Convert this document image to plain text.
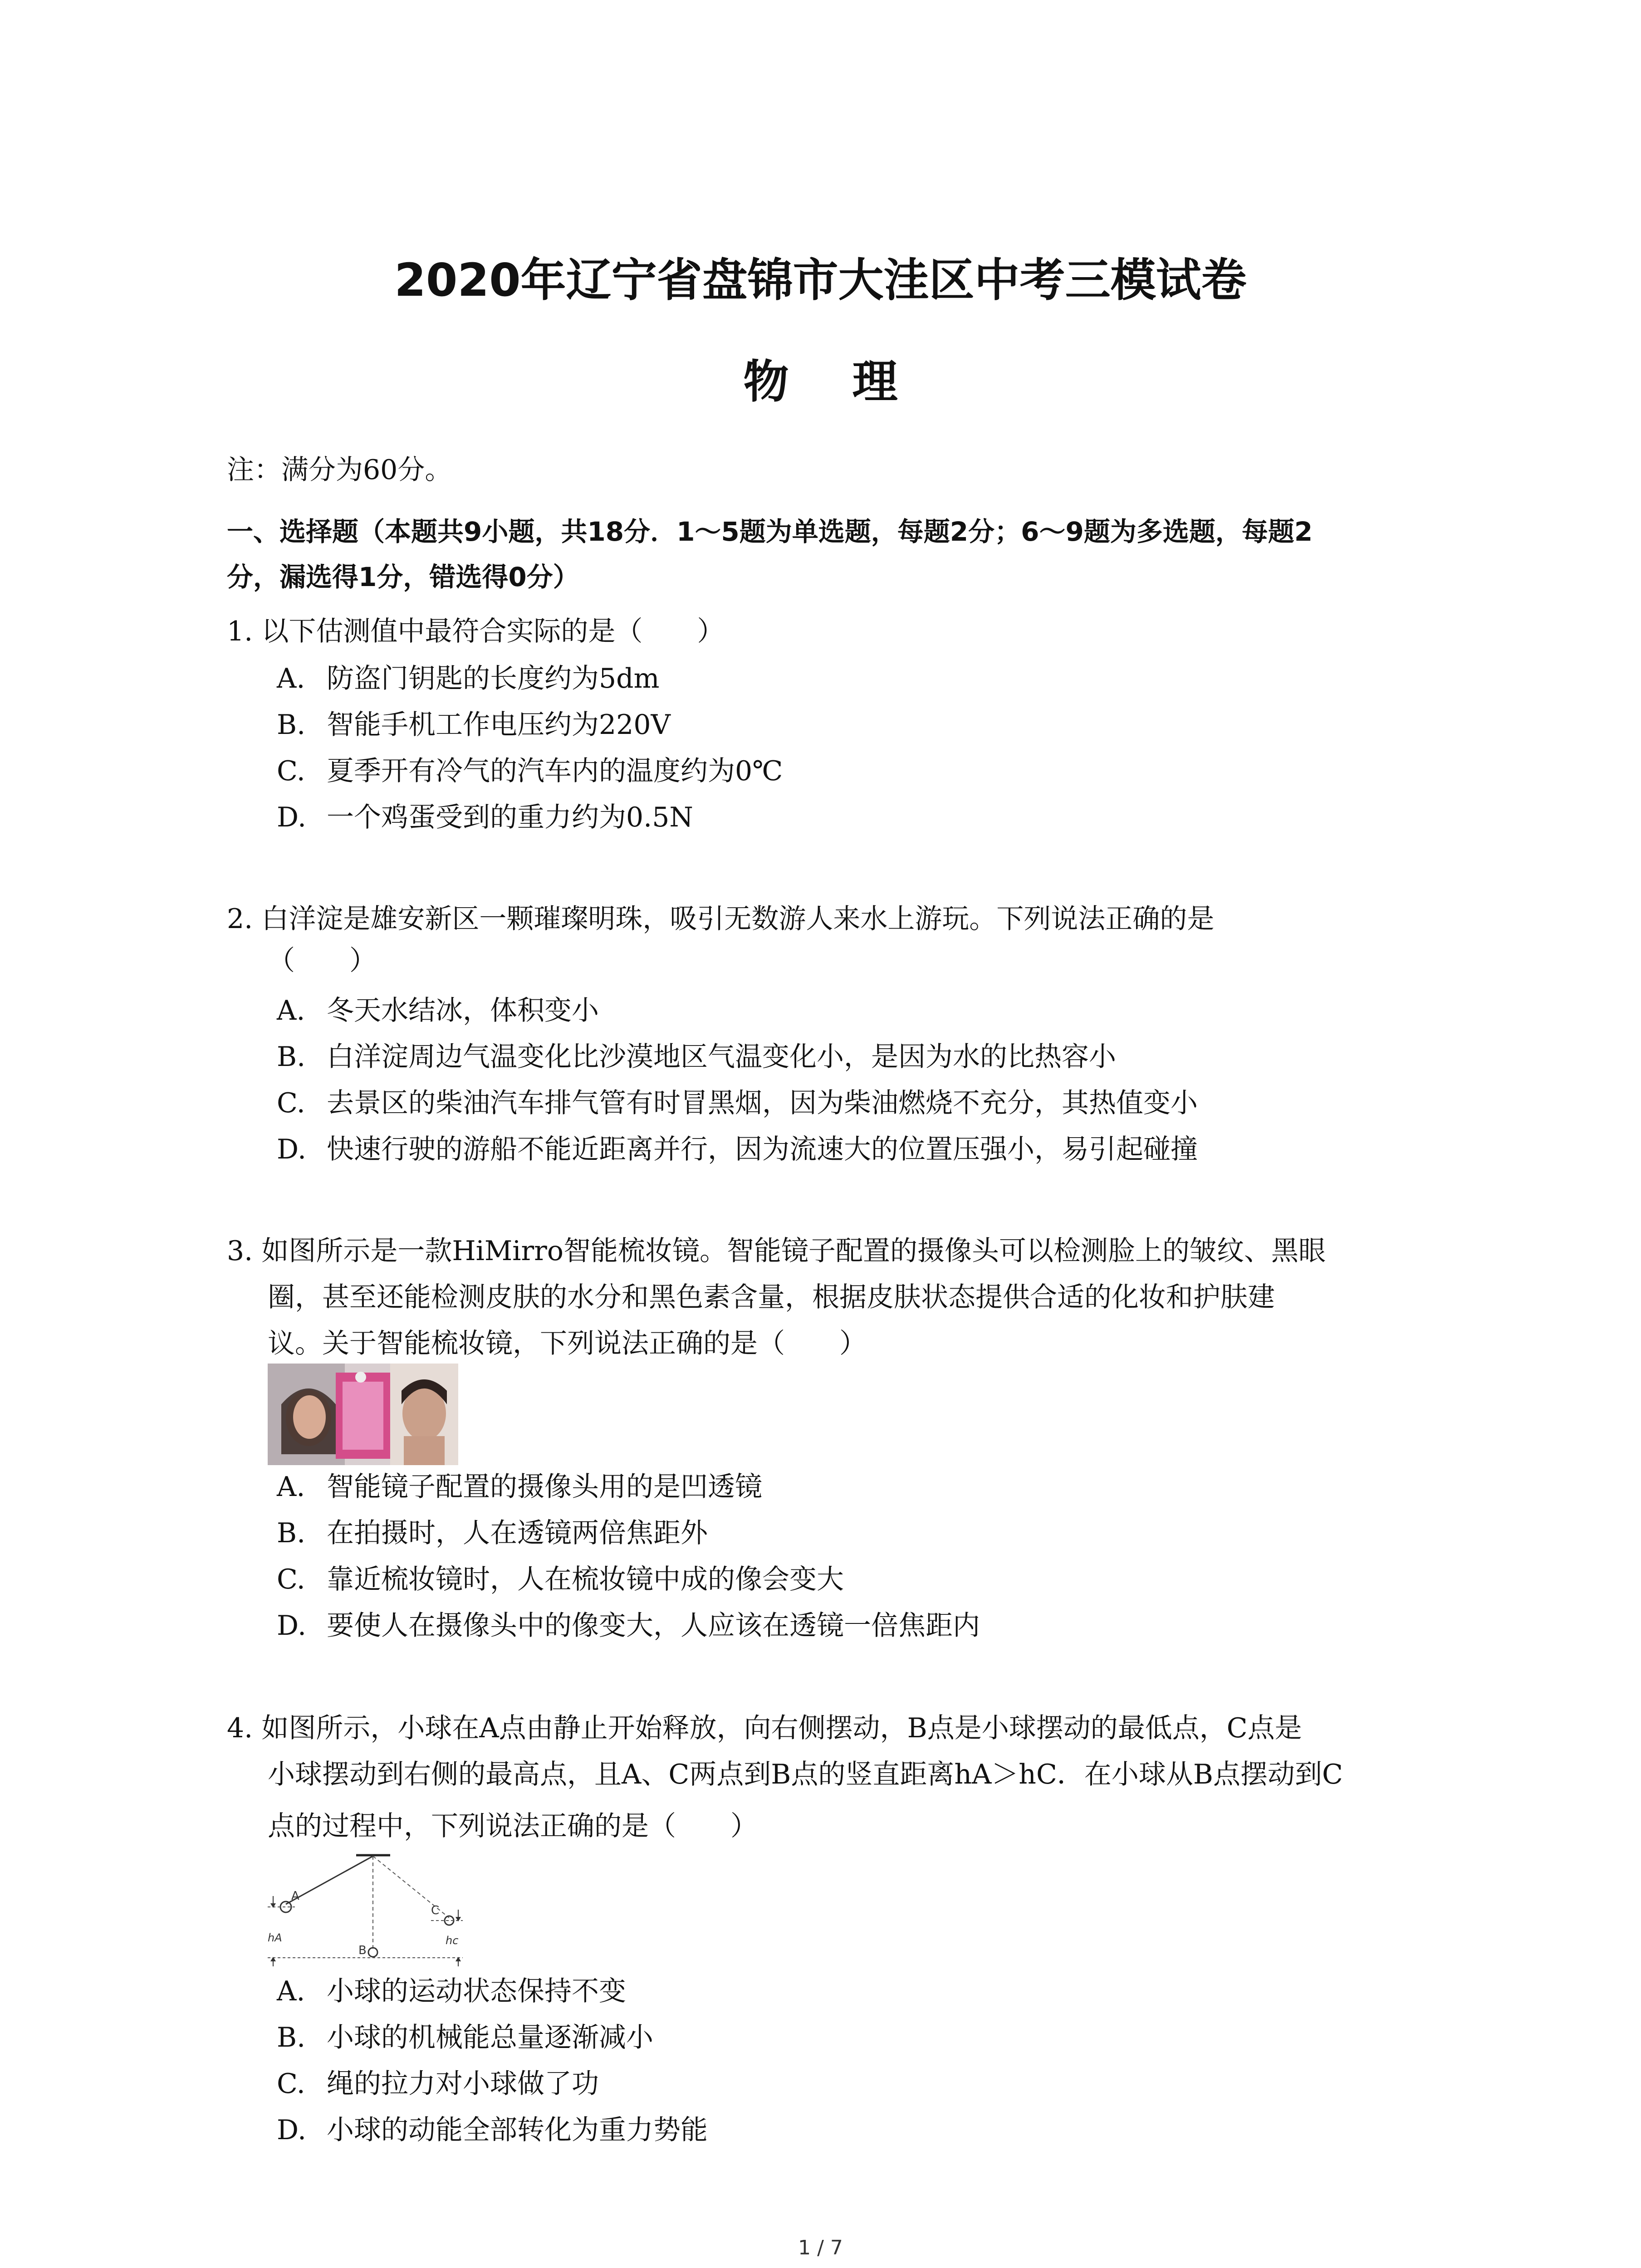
2020年辽宁省盘锦市大洼区中考三模试卷
物理
注：满分为60分。
一、选择题（本题共9小题，共18分．1～5题为单选题，每题2分；6～9题为多选题，每题2
分，漏选得1分，错选得0分）
1. 以下估测值中最符合实际的是（　　）
A. 防盗门钥匙的长度约为5dm
B. 智能手机工作电压约为220V
C. 夏季开有冷气的汽车内的温度约为0℃
D. 一个鸡蛋受到的重力约为0.5N
2. 白洋淀是雄安新区一颗璀璨明珠，吸引无数游人来水上游玩。下列说法正确的是
（　　）
A. 冬天水结冰，体积变小
B. 白洋淀周边气温变化比沙漠地区气温变化小，是因为水的比热容小
C. 去景区的柴油汽车排气管有时冒黑烟，因为柴油燃烧不充分，其热值变小
D. 快速行驶的游船不能近距离并行，因为流速大的位置压强小，易引起碰撞
3. 如图所示是一款HiMirro智能梳妆镜。智能镜子配置的摄像头可以检测脸上的皱纹、黑眼
圈，甚至还能检测皮肤的水分和黑色素含量，根据皮肤状态提供合适的化妆和护肤建
议。关于智能梳妆镜，下列说法正确的是（　　）
A. 智能镜子配置的摄像头用的是凹透镜
B. 在拍摄时，人在透镜两倍焦距外
C. 靠近梳妆镜时，人在梳妆镜中成的像会变大
D. 要使人在摄像头中的像变大，人应该在透镜一倍焦距内
4. 如图所示，小球在A点由静止开始释放，向右侧摆动，B点是小球摆动的最低点，C点是
小球摆动到右侧的最高点，且A、C两点到B点的竖直距离hA＞hC．在小球从B点摆动到C
点的过程中，下列说法正确的是（　　）
A
B
C
hA	hc
A. 小球的运动状态保持不变
B. 小球的机械能总量逐渐减小
C. 绳的拉力对小球做了功
D. 小球的动能全部转化为重力势能
1 / 7
